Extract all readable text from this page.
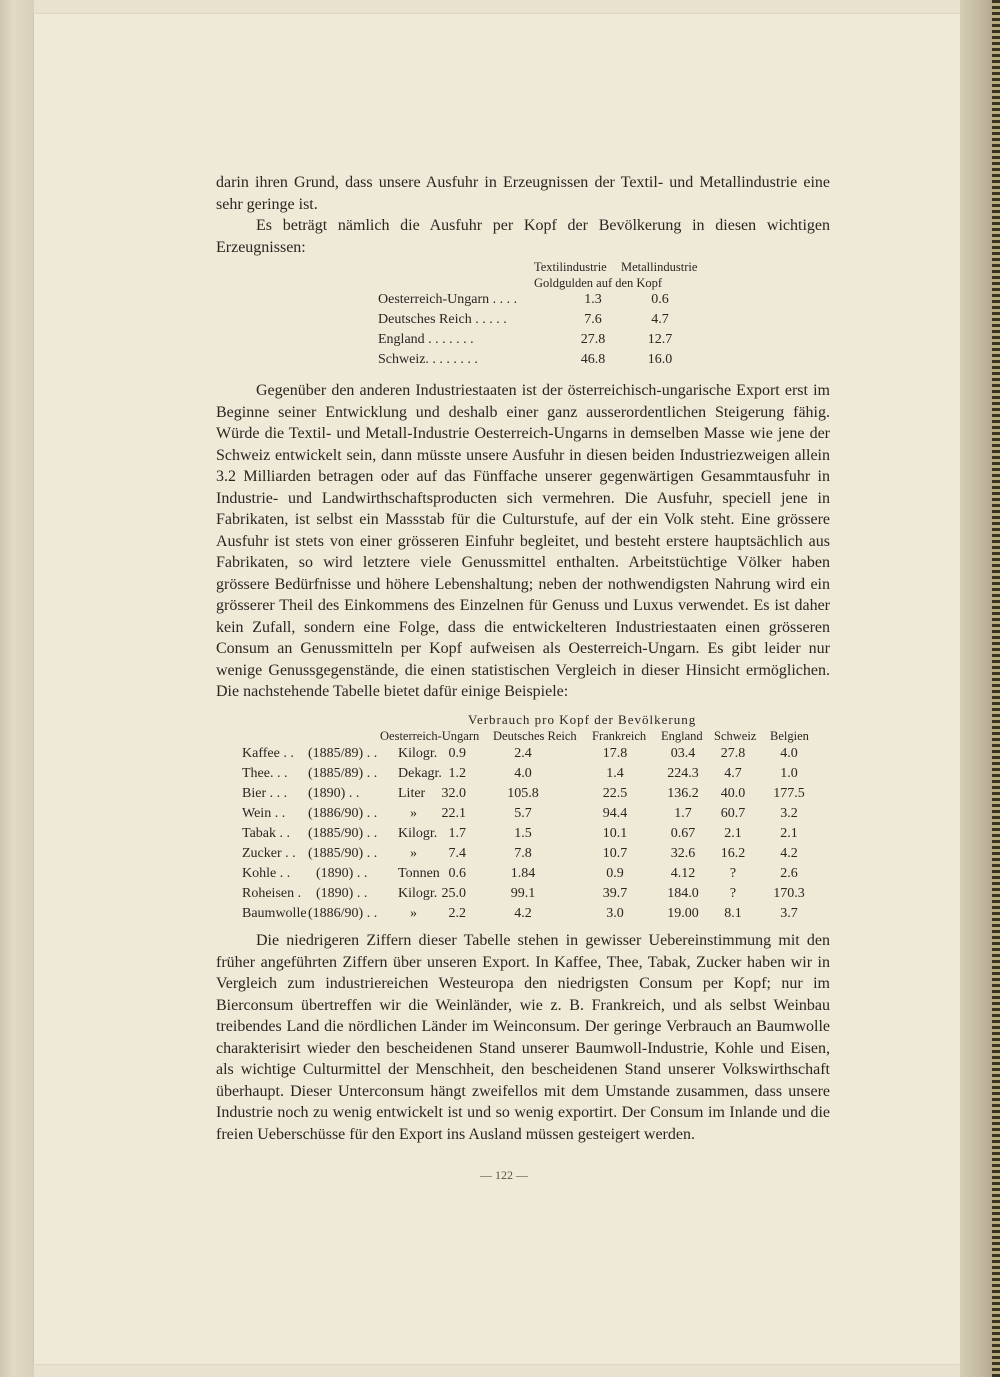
darin ihren Grund, dass unsere Ausfuhr in Erzeugnissen der Textil- und Metallindustrie eine sehr geringe ist.

Es beträgt nämlich die Ausfuhr per Kopf der Bevölkerung in diesen wichtigen Erzeugnissen:

Textilindustrie Metallindustrie
Goldgulden auf den Kopf
Oesterreich-Ungarn . . . .	1.3	0.6
Deutsches Reich . . . . .	7.6	4.7
England . . . . . . .	27.8	12.7
Schweiz. . . . . . . .	46.8	16.0

Gegenüber den anderen Industriestaaten ist der österreichisch-ungarische Export erst im Beginne seiner Entwicklung und deshalb einer ganz ausserordentlichen Steigerung fähig. Würde die Textil- und Metall-Industrie Oesterreich-Ungarns in demselben Masse wie jene der Schweiz entwickelt sein, dann müsste unsere Ausfuhr in diesen beiden Industriezweigen allein 3.2 Milliarden betragen oder auf das Fünffache unserer gegenwärtigen Gesammtausfuhr in Industrie- und Landwirthschaftsproducten sich vermehren. Die Ausfuhr, speciell jene in Fabrikaten, ist selbst ein Massstab für die Culturstufe, auf der ein Volk steht. Eine grössere Ausfuhr ist stets von einer grösseren Einfuhr begleitet, und besteht erstere hauptsächlich aus Fabrikaten, so wird letztere viele Genussmittel enthalten. Arbeitstüchtige Völker haben grössere Bedürfnisse und höhere Lebenshaltung; neben der nothwendigsten Nahrung wird ein grösserer Theil des Einkommens des Einzelnen für Genuss und Luxus verwendet. Es ist daher kein Zufall, sondern eine Folge, dass die entwickelteren Industriestaaten einen grösseren Consum an Genussmitteln per Kopf aufweisen als Oesterreich-Ungarn. Es gibt leider nur wenige Genussgegenstände, die einen statistischen Vergleich in dieser Hinsicht ermöglichen. Die nachstehende Tabelle bietet dafür einige Beispiele:

Verbrauch pro Kopf der Bevölkerung
Oesterreich-Ungarn Deutsches Reich Frankreich England Schweiz Belgien
Kaffee . . (1885/89) . . Kilogr. 0.9	2.4	17.8	03.4	27.8	4.0
Thee. . . (1885/89) . . Dekagr. 1.2	4.0	1.4	224.3	4.7	1.0
Bier . . . (1890) . .	Liter	32.0	105.8	22.5	136.2	40.0	177.5
Wein . . (1886/90) . . »	22.1	5.7	94.4	1.7	60.7	3.2
Tabak . . (1885/90) . . Kilogr. 1.7	1.5	10.1	0.67	2.1	2.1
Zucker . . (1885/90) . . »	7.4	7.8	10.7	32.6	16.2	4.2
Kohle . . (1890) . . Tonnen 0.6	1.84	0.9	4.12	?	2.6
Roheisen . (1890) . . Kilogr. 25.0	99.1	39.7	184.0	?	170.3
Baumwolle (1886/90) . . »	2.2	4.2	3.0	19.00	8.1	3.7

Die niedrigeren Ziffern dieser Tabelle stehen in gewisser Uebereinstimmung mit den früher angeführten Ziffern über unseren Export. In Kaffee, Thee, Tabak, Zucker haben wir in Vergleich zum industriereichen Westeuropa den niedrigsten Consum per Kopf; nur im Bierconsum übertreffen wir die Weinländer, wie z. B. Frankreich, und als selbst Weinbau treibendes Land die nördlichen Länder im Weinconsum. Der geringe Verbrauch an Baumwolle charakterisirt wieder den bescheidenen Stand unserer Baumwoll-Industrie, Kohle und Eisen, als wichtige Culturmittel der Menschheit, den bescheidenen Stand unserer Volkswirthschaft überhaupt. Dieser Unterconsum hängt zweifellos mit dem Umstande zusammen, dass unsere Industrie noch zu wenig entwickelt ist und so wenig exportirt. Der Consum im Inlande und die freien Ueberschüsse für den Export ins Ausland müssen gesteigert werden.

— 122 —
